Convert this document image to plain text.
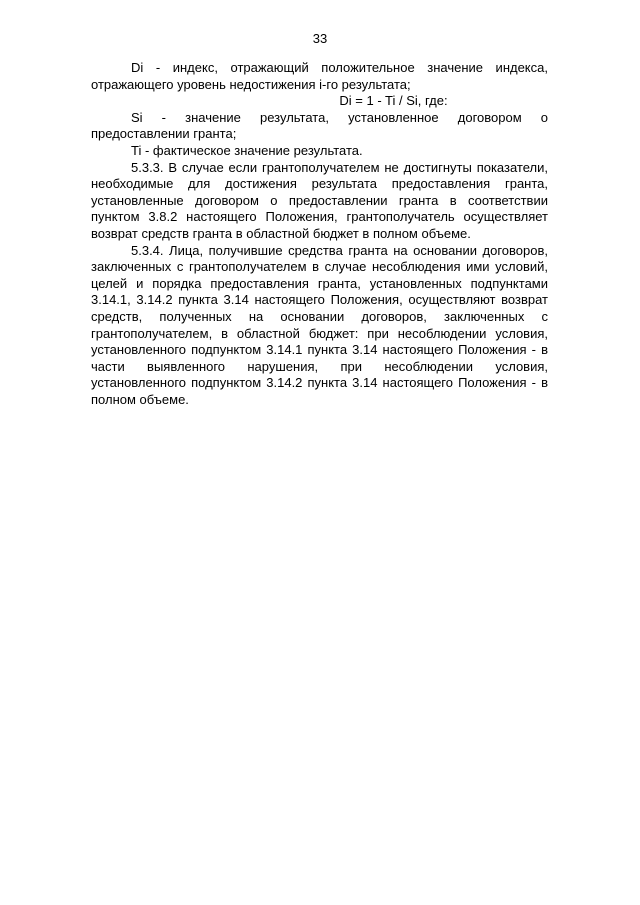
33

Di - индекс, отражающий положительное значение индекса, отражающего уровень недостижения i-го результата;

Di = 1 - Ti / Si, где:

Si - значение результата, установленное договором о предоставлении гранта;

Ti - фактическое значение результата.

5.3.3. В случае если грантополучателем не достигнуты показатели, необходимые для достижения результата предоставления гранта, установленные договором о предоставлении гранта в соответствии пунктом 3.8.2 настоящего Положения, грантополучатель осуществляет возврат средств гранта в областной бюджет в полном объеме.

5.3.4. Лица, получившие средства гранта на основании договоров, заключенных с грантополучателем в случае несоблюдения ими условий, целей и порядка предоставления гранта, установленных подпунктами 3.14.1, 3.14.2 пункта 3.14 настоящего Положения, осуществляют возврат средств, полученных на основании договоров, заключенных с грантополучателем, в областной бюджет: при несоблюдении условия, установленного подпунктом 3.14.1 пункта 3.14 настоящего Положения - в части выявленного нарушения, при несоблюдении условия, установленного подпунктом 3.14.2 пункта 3.14 настоящего Положения - в полном объеме.
